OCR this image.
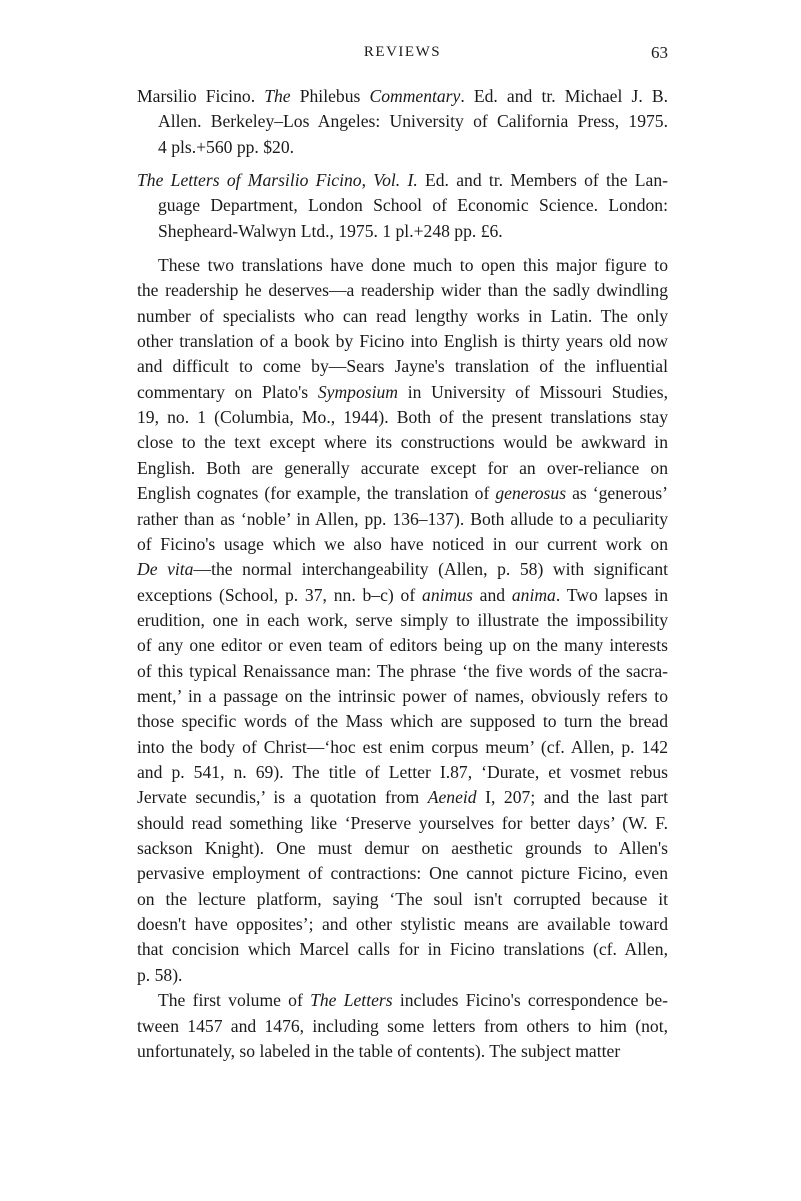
REVIEWS	63
Marsilio Ficino. The Philebus Commentary. Ed. and tr. Michael J. B.
Allen. Berkeley–Los Angeles: University of California Press, 1975.
4 pls.+560 pp. $20.
The Letters of Marsilio Ficino, Vol. I. Ed. and tr. Members of the Lan-
guage Department, London School of Economic Science. London:
Shepheard-Walwyn Ltd., 1975. 1 pl.+248 pp. £6.
These two translations have done much to open this major figure to
the readership he deserves—a readership wider than the sadly dwindling
number of specialists who can read lengthy works in Latin. The only
other translation of a book by Ficino into English is thirty years old now
and difficult to come by—Sears Jayne's translation of the influential
commentary on Plato's Symposium in University of Missouri Studies,
19, no. 1 (Columbia, Mo., 1944). Both of the present translations stay
close to the text except where its constructions would be awkward in
English. Both are generally accurate except for an over-reliance on
English cognates (for example, the translation of generosus as ‘generous’
rather than as ‘noble’ in Allen, pp. 136–137). Both allude to a peculiarity
of Ficino's usage which we also have noticed in our current work on
De vita—the normal interchangeability (Allen, p. 58) with significant
exceptions (School, p. 37, nn. b–c) of animus and anima. Two lapses in
erudition, one in each work, serve simply to illustrate the impossibility
of any one editor or even team of editors being up on the many interests
of this typical Renaissance man: The phrase ‘the five words of the sacra-
ment,’ in a passage on the intrinsic power of names, obviously refers to
those specific words of the Mass which are supposed to turn the bread
into the body of Christ—‘hoc est enim corpus meum’ (cf. Allen, p. 142
and p. 541, n. 69). The title of Letter I.87, ‘Durate, et vosmet rebus
Jervate secundis,’ is a quotation from Aeneid I, 207; and the last part
should read something like ‘Preserve yourselves for better days’ (W. F.
sackson Knight). One must demur on aesthetic grounds to Allen's
pervasive employment of contractions: One cannot picture Ficino, even
on the lecture platform, saying ‘The soul isn't corrupted because it
doesn't have opposites’; and other stylistic means are available toward
that concision which Marcel calls for in Ficino translations (cf. Allen,
p. 58).
The first volume of The Letters includes Ficino's correspondence be-
tween 1457 and 1476, including some letters from others to him (not,
unfortunately, so labeled in the table of contents). The subject matter
